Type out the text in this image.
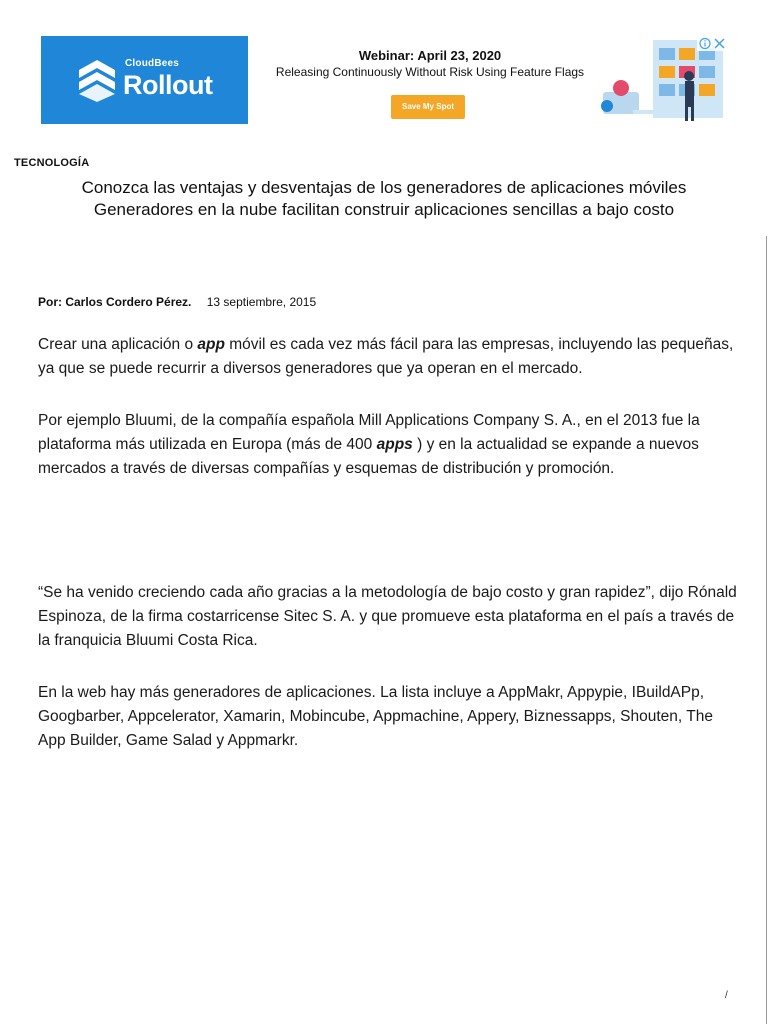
CloudBees
Rollout
Webinar: April 23, 2020
Releasing Continuously Without Risk Using Feature Flags
Save My Spot
TECNOLOGÍA
Conozca las ventajas y desventajas de los generadores de aplicaciones móviles
Generadores en la nube facilitan construir aplicaciones sencillas a bajo costo
Por: Carlos Cordero Pérez. 13 septiembre, 2015

Crear una aplicación o app móvil es cada vez más fácil para las empresas, incluyendo las pequeñas, ya que se puede recurrir a diversos generadores que ya operan en el mercado.

Por ejemplo Bluumi, de la compañía española Mill Applications Company S. A., en el 2013 fue la plataforma más utilizada en Europa (más de 400 apps ) y en la actualidad se expande a nuevos mercados a través de diversas compañías y esquemas de distribución y promoción.

“Se ha venido creciendo cada año gracias a la metodología de bajo costo y gran rapidez”, dijo Rónald Espinoza, de la firma costarricense Sitec S. A. y que promueve esta plataforma en el país a través de la franquicia Bluumi Costa Rica.

En la web hay más generadores de aplicaciones. La lista incluye a AppMakr, Appypie, IBuildAPp, Googbarber, Appcelerator, Xamarin, Mobincube, Appmachine, Appery, Biznessapps, Shouten, The App Builder, Game Salad y Appmarkr.

/
